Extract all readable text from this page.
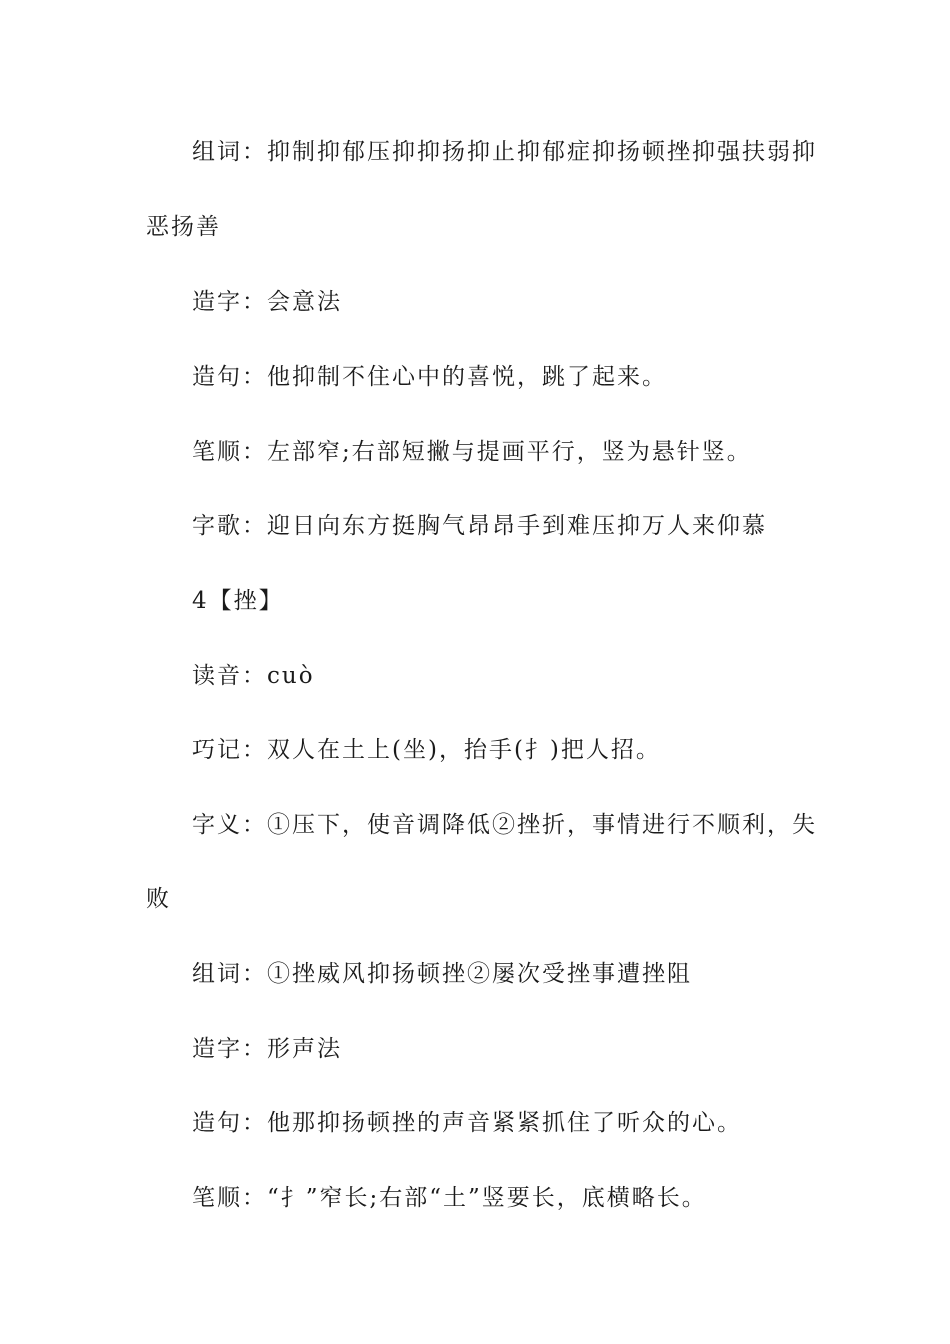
组词：抑制抑郁压抑抑扬抑止抑郁症抑扬顿挫抑强扶弱抑
恶扬善
造字：会意法
造句：他抑制不住心中的喜悦，跳了起来。
笔顺：左部窄;右部短撇与提画平行，竖为悬针竖。
字歌：迎日向东方挺胸气昂昂手到难压抑万人来仰慕
4【挫】
读音：cuò
巧记：双人在土上(坐)，抬手(扌)把人招。
字义：①压下，使音调降低②挫折，事情进行不顺利，失
败
组词：①挫威风抑扬顿挫②屡次受挫事遭挫阻
造字：形声法
造句：他那抑扬顿挫的声音紧紧抓住了听众的心。
笔顺：“扌”窄长;右部“土”竖要长，底横略长。
